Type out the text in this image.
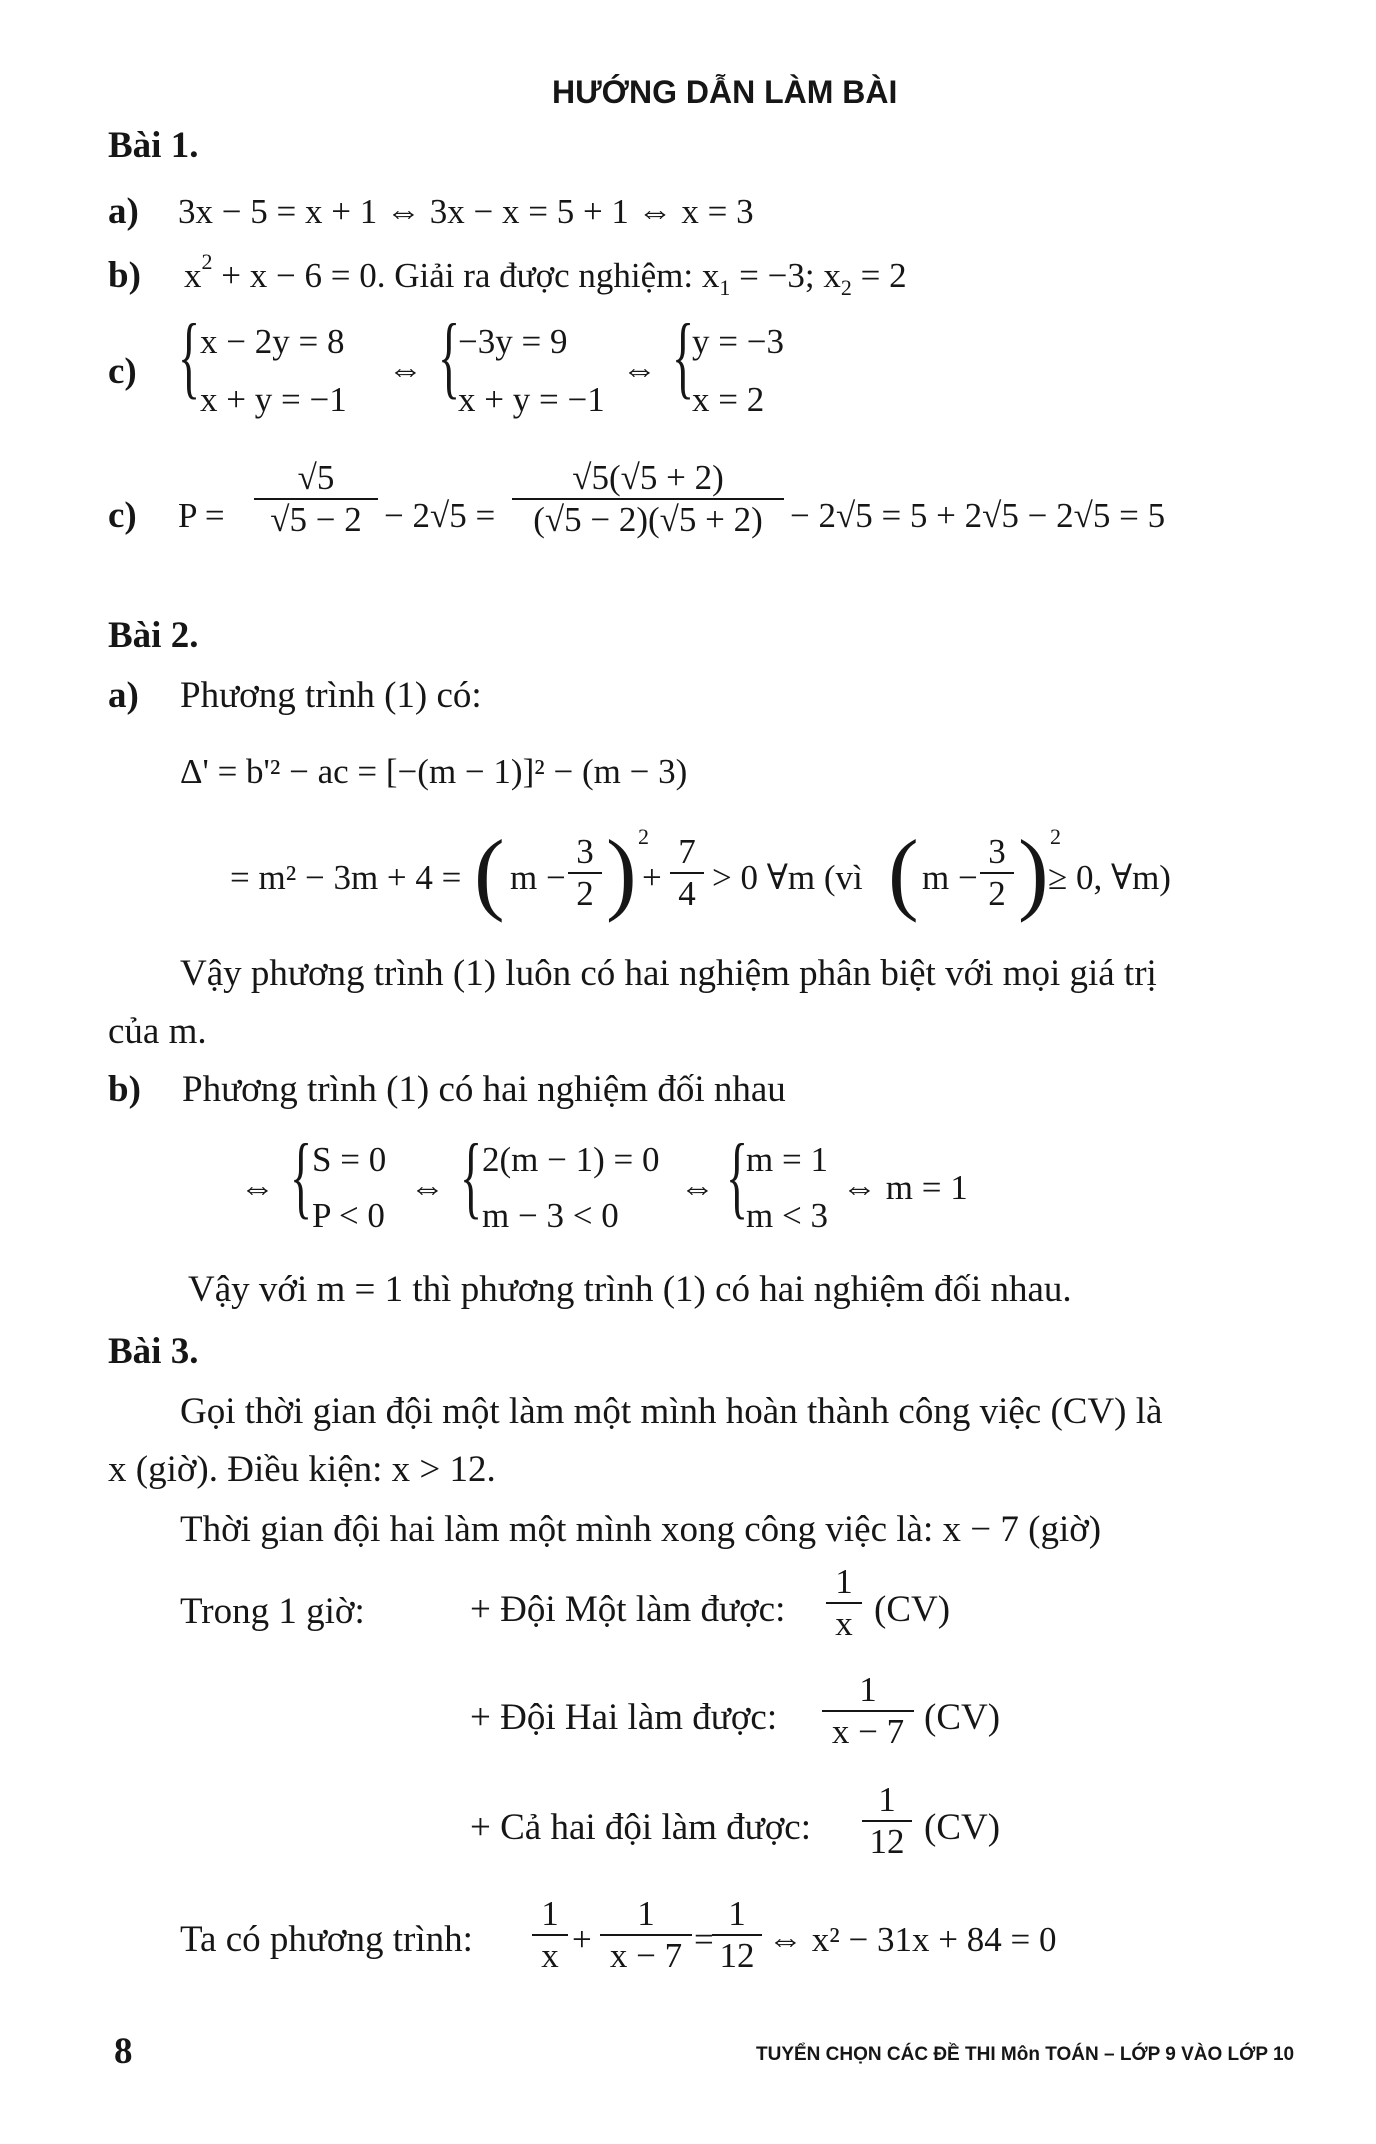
HƯỚNG DẪN LÀM BÀI
Bài 1.
a) 3x − 5 = x + 1 ⇔ 3x − x = 5 + 1 ⇔ x = 3
b) $x^2 + x - 6 = 0$. Giải ra được nghiệm: $x_1 = -3$; $x_2 = 2$
c) { x − 2y = 8
x + y = −1
⇔ {
−3y = 9
x + y = −1
⇔ {
y = −3
x = 2
c) $P = \frac{√5}{√5 - 2} - 2√5 = \frac{√5(√5 + 2)}{(√5 - 2)(√5 + 2)} - 2√5 = 5 + 2√5 - 2√5 = 5$
Bài 2.
a) Phương trình (1) có:
Δ' = b'² − ac = [−(m − 1)]² − (m − 3)
= m² − 3m + 4 = ( $m - \frac{3}{2}$ ) 2
+ $\frac{7}{4} > 0$ ∀m (vì ( $m - \frac{3}{2}$ ) 2
≥ 0, ∀m)
Vậy phương trình (1) luôn có hai nghiệm phân biệt với mọi giá trị
của m.
b) Phương trình (1) có hai nghiệm đối nhau
⇔ { S = 0
P < 0
⇔ { 2(m − 1) = 0
m − 3 < 0
⇔ {
m = 1
m < 3
⇔ m = 1
Vậy với m = 1 thì phương trình (1) có hai nghiệm đối nhau.
Bài 3.
Gọi thời gian đội một làm một mình hoàn thành công việc (CV) là
x (giờ). Điều kiện: x > 12.
Thời gian đội hai làm một mình xong công việc là: x − 7 (giờ)
Trong 1 giờ:	+ Đội Một làm được: $\frac{1}{x} (CV)$
+ Đội Hai làm được: $\frac{1}{x - 7} (CV)$
+ Cả hai đội làm được: $\frac{1}{12} (CV)$
Ta có phương trình: $\frac{1}{x} + \frac{1}{x - 7}$ =
$\frac{1}{12}$ ⇔ x² − 31x + 84 = 0
8	TUYỂN CHỌN CÁC ĐỀ THI Môn TOÁN – LỚP 9 VÀO LỚP 10
